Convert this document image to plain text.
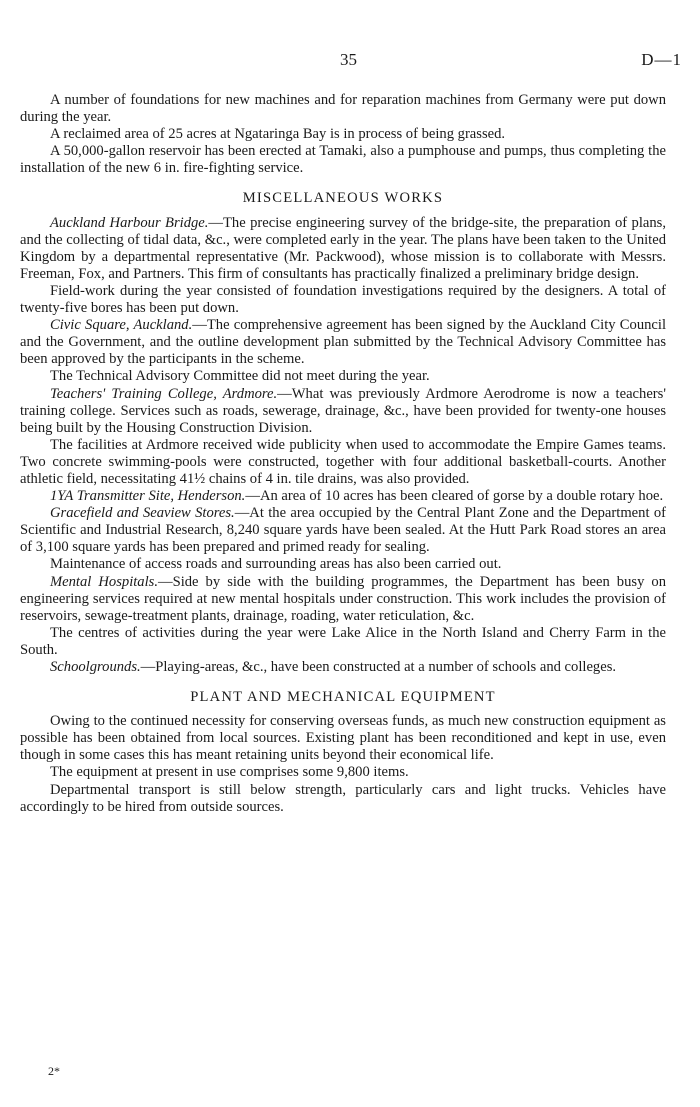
35	D—1

A number of foundations for new machines and for reparation machines from Germany were put down during the year.

A reclaimed area of 25 acres at Ngataringa Bay is in process of being grassed.

A 50,000-gallon reservoir has been erected at Tamaki, also a pumphouse and pumps, thus completing the installation of the new 6 in. fire-fighting service.

MISCELLANEOUS WORKS

Auckland Harbour Bridge.—The precise engineering survey of the bridge-site, the preparation of plans, and the collecting of tidal data, &c., were completed early in the year. The plans have been taken to the United Kingdom by a departmental representative (Mr. Packwood), whose mission is to collaborate with Messrs. Freeman, Fox, and Partners. This firm of consultants has practically finalized a preliminary bridge design.

Field-work during the year consisted of foundation investigations required by the designers. A total of twenty-five bores has been put down.

Civic Square, Auckland.—The comprehensive agreement has been signed by the Auckland City Council and the Government, and the outline development plan submitted by the Technical Advisory Committee has been approved by the participants in the scheme.

The Technical Advisory Committee did not meet during the year.

Teachers' Training College, Ardmore.—What was previously Ardmore Aerodrome is now a teachers' training college. Services such as roads, sewerage, drainage, &c., have been provided for twenty-one houses being built by the Housing Construction Division.

The facilities at Ardmore received wide publicity when used to accommodate the Empire Games teams. Two concrete swimming-pools were constructed, together with four additional basketball-courts. Another athletic field, necessitating 41½ chains of 4 in. tile drains, was also provided.

1YA Transmitter Site, Henderson.—An area of 10 acres has been cleared of gorse by a double rotary hoe.

Gracefield and Seaview Stores.—At the area occupied by the Central Plant Zone and the Department of Scientific and Industrial Research, 8,240 square yards have been sealed. At the Hutt Park Road stores an area of 3,100 square yards has been prepared and primed ready for sealing.

Maintenance of access roads and surrounding areas has also been carried out.

Mental Hospitals.—Side by side with the building programmes, the Department has been busy on engineering services required at new mental hospitals under construction. This work includes the provision of reservoirs, sewage-treatment plants, drainage, roading, water reticulation, &c.

The centres of activities during the year were Lake Alice in the North Island and Cherry Farm in the South.

Schoolgrounds.—Playing-areas, &c., have been constructed at a number of schools and colleges.

PLANT AND MECHANICAL EQUIPMENT

Owing to the continued necessity for conserving overseas funds, as much new construction equipment as possible has been obtained from local sources. Existing plant has been reconditioned and kept in use, even though in some cases this has meant retaining units beyond their economical life.

The equipment at present in use comprises some 9,800 items.

Departmental transport is still below strength, particularly cars and light trucks. Vehicles have accordingly to be hired from outside sources.

2*
